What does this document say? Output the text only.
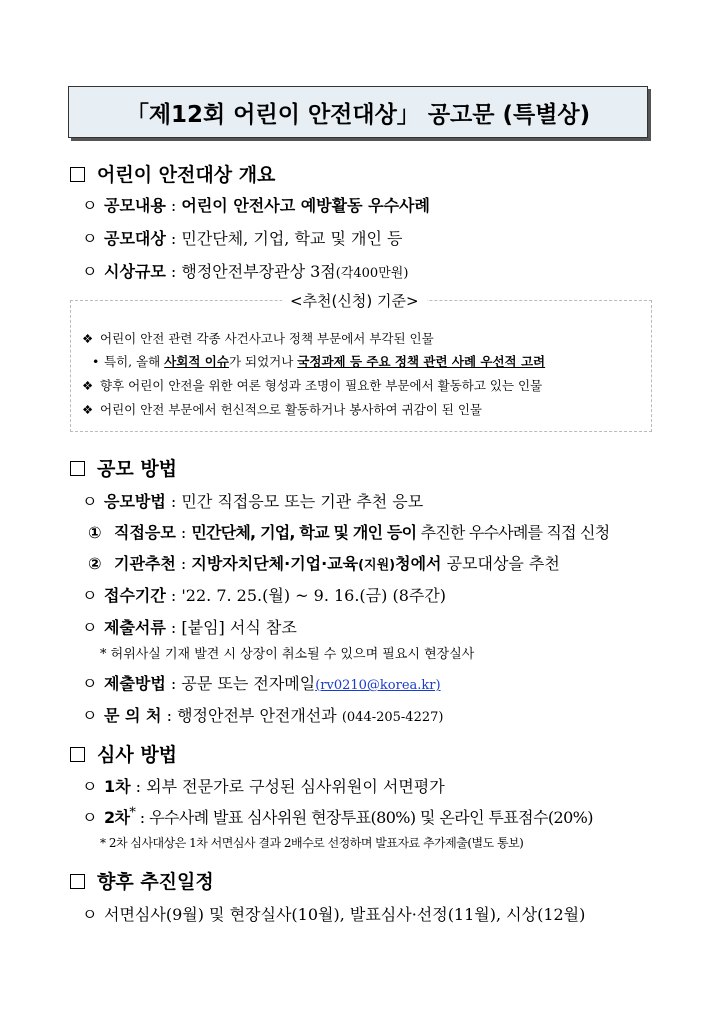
「제12회 어린이 안전대상」 공고문 (특별상)
어린이 안전대상 개요
ㅇ 공모내용 : 어린이 안전사고 예방활동 우수사례
ㅇ 공모대상 : 민간단체, 기업, 학교 및 개인 등
ㅇ 시상규모 : 행정안전부장관상 3점(각400만원)
<추천(신청) 기준>
❖ 어린이 안전 관련 각종 사건사고나 정책 부문에서 부각된 인물
• 특히, 올해 사회적 이슈가 되었거나 국정과제 등 주요 정책 관련 사례 우선적 고려
❖ 향후 어린이 안전을 위한 여론 형성과 조명이 필요한 부문에서 활동하고 있는 인물
❖ 어린이 안전 부문에서 헌신적으로 활동하거나 봉사하여 귀감이 된 인물
공모 방법
ㅇ 응모방법 : 민간 직접응모 또는 기관 추천 응모
① 직접응모 : 민간단체, 기업, 학교 및 개인 등이 추진한 우수사례를 직접 신청
② 기관추천 : 지방자치단체·기업·교육(지원)청에서 공모대상을 추천
ㅇ 접수기간 : '22. 7. 25.(월) ~ 9. 16.(금) (8주간)
ㅇ 제출서류 : [붙임] 서식 참조
* 허위사실 기재 발견 시 상장이 취소될 수 있으며 필요시 현장실사
ㅇ 제출방법 : 공문 또는 전자메일(rv0210@korea.kr)
ㅇ 문 의 처 : 행정안전부 안전개선과 (044-205-4227)
심사 방법
ㅇ 1차 : 외부 전문가로 구성된 심사위원이 서면평가
ㅇ 2차* : 우수사례 발표 심사위원 현장투표(80%) 및 온라인 투표점수(20%)
* 2차 심사대상은 1차 서면심사 결과 2배수로 선정하며 발표자료 추가제출(별도 통보)
향후 추진일정
ㅇ 서면심사(9월) 및 현장실사(10월), 발표심사·선정(11월), 시상(12월)
